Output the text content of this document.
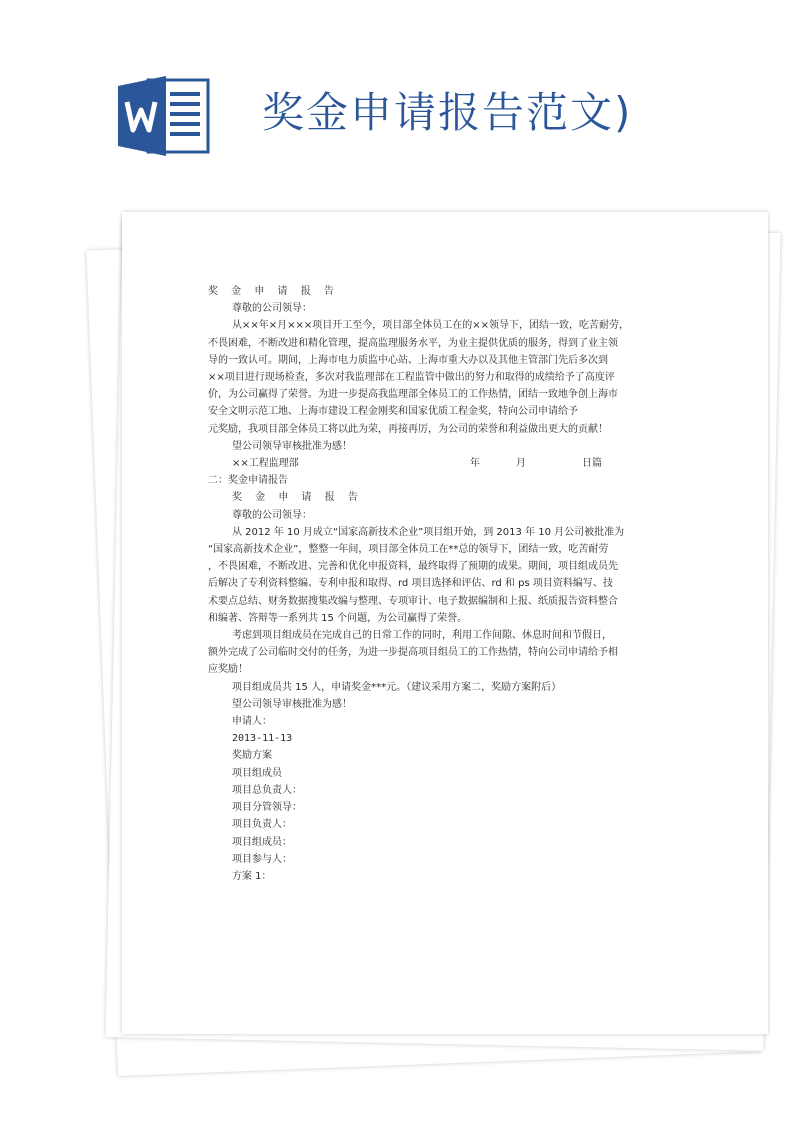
奖金申请报告范文)
奖 金 申 请 报 告
尊敬的公司领导：
从××年×月×××项目开工至今，项目部全体员工在的××领导下，团结一致，吃苦耐劳，
不畏困难，不断改进和精化管理，提高监理服务水平，为业主提供优质的服务，得到了业主领
导的一致认可。期间，上海市电力质监中心站、上海市重大办以及其他主管部门先后多次到
××项目进行现场检查，多次对我监理部在工程监管中做出的努力和取得的成绩给予了高度评
价，为公司赢得了荣誉。为进一步提高我监理部全体员工的工作热情，团结一致地争创上海市
安全文明示范工地、上海市建设工程金刚奖和国家优质工程金奖，特向公司申请给予
元奖励，我项目部全体员工将以此为荣，再接再厉，为公司的荣誉和利益做出更大的贡献！
望公司领导审核批准为感！
××工程监理部	年	月	日篇
二：奖金申请报告
奖 金 申 请 报 告
尊敬的公司领导：
从 2012 年 10 月成立“国家高新技术企业”项目组开始，到 2013 年 10 月公司被批准为
“国家高新技术企业”，整整一年间，项目部全体员工在**总的领导下，团结一致，吃苦耐劳
，不畏困难，不断改进、完善和优化申报资料，最终取得了预期的成果。期间，项目组成员先
后解决了专利资料整编、专利申报和取得、rd 项目选择和评估、rd 和 ps 项目资料编写、技
术要点总结、财务数据搜集改编与整理、专项审计、电子数据编制和上报、纸质报告资料整合
和编著、答辩等一系列共 15 个问题，为公司赢得了荣誉。
考虑到项目组成员在完成自己的日常工作的同时，利用工作间隙、休息时间和节假日，
额外完成了公司临时交付的任务，为进一步提高项目组员工的工作热情，特向公司申请给予相
应奖励！
项目组成员共 15 人，申请奖金***元。（建议采用方案二，奖励方案附后）
望公司领导审核批准为感！
申请人：
2013-11-13
奖励方案
项目组成员
项目总负责人：
项目分管领导：
项目负责人：
项目组成员：
项目参与人：
方案 1：
